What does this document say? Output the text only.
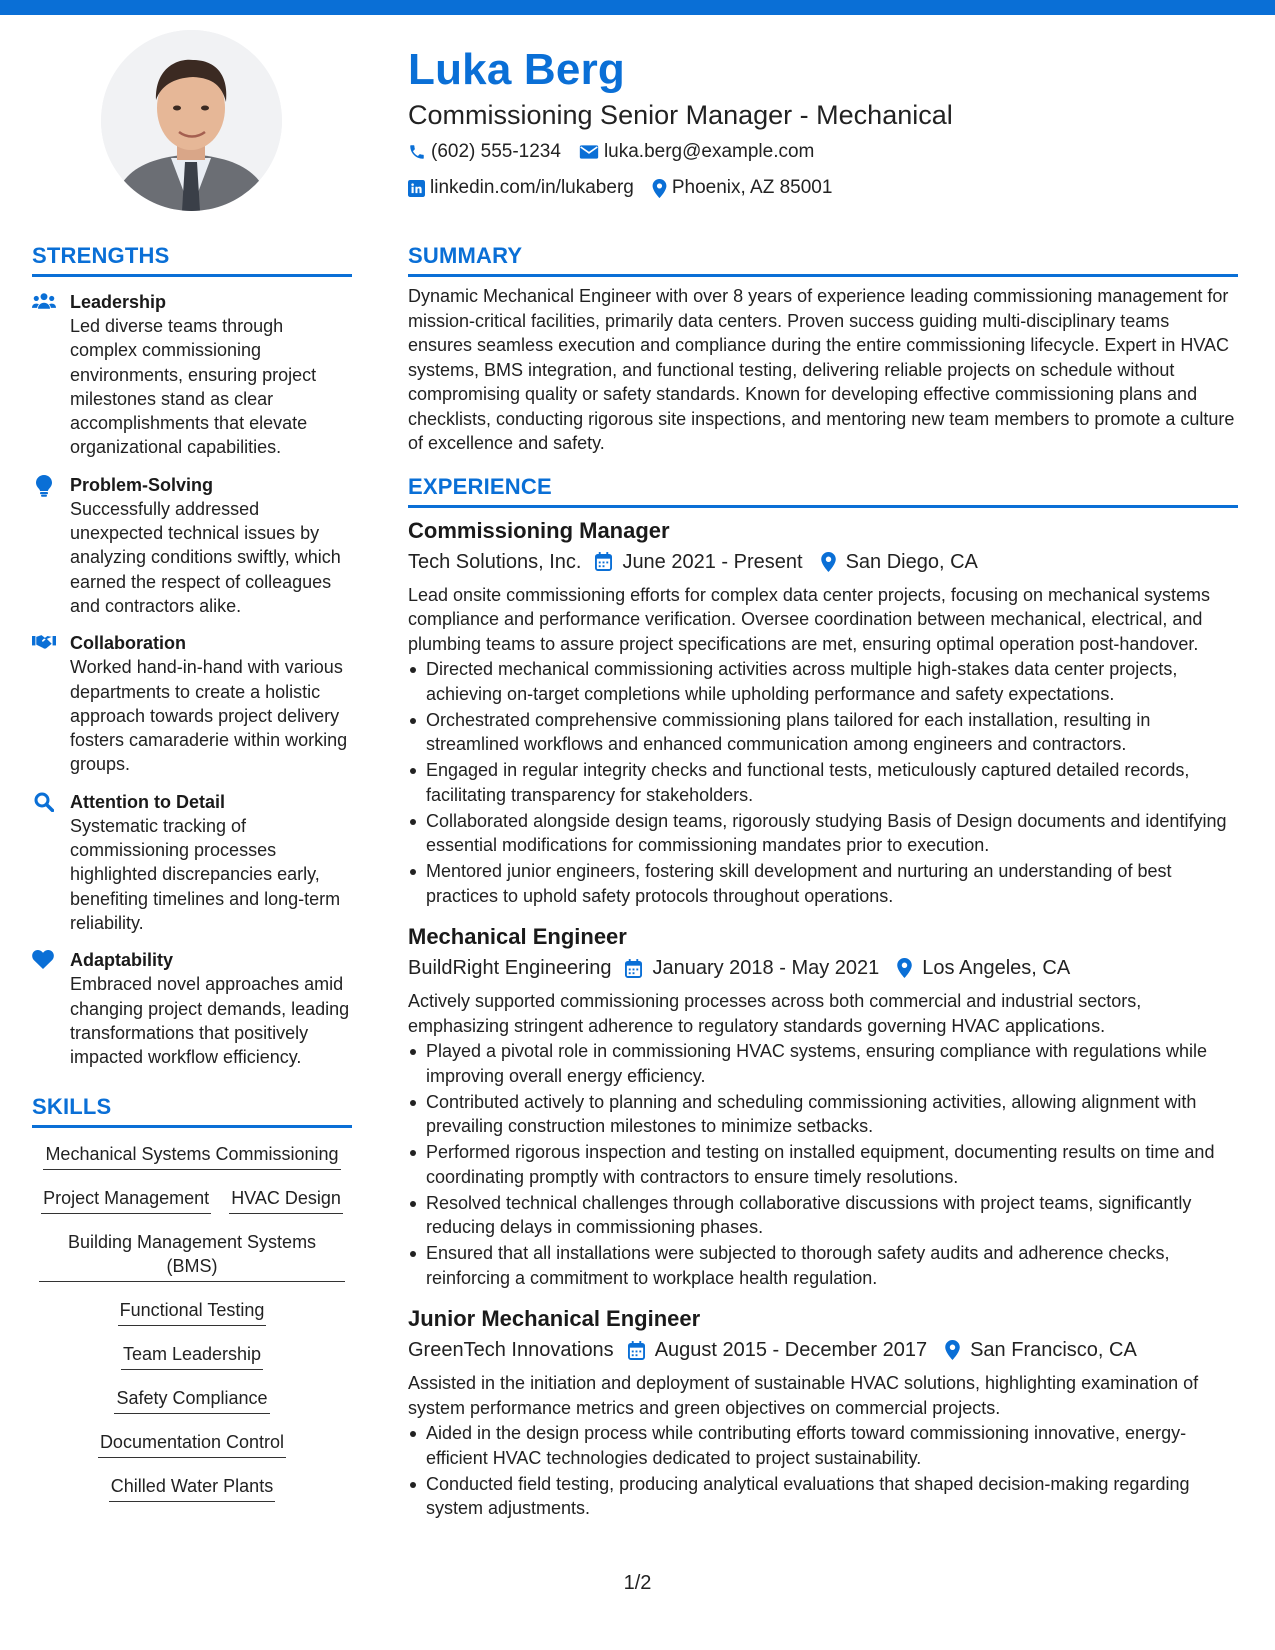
Luka Berg
Commissioning Senior Manager - Mechanical
(602) 555-1234 luka.berg@example.com
linkedin.com/in/lukaberg Phoenix, AZ 85001
STRENGTHS
Leadership
Led diverse teams through complex commissioning environments, ensuring project milestones stand as clear accomplishments that elevate organizational capabilities.
Problem-Solving
Successfully addressed unexpected technical issues by analyzing conditions swiftly, which earned the respect of colleagues and contractors alike.
Collaboration
Worked hand-in-hand with various departments to create a holistic approach towards project delivery fosters camaraderie within working groups.
Attention to Detail
Systematic tracking of commissioning processes highlighted discrepancies early, benefiting timelines and long-term reliability.
Adaptability
Embraced novel approaches amid changing project demands, leading transformations that positively impacted workflow efficiency.
SKILLS
Mechanical Systems Commissioning
Project Management HVAC Design
Building Management Systems (BMS)
Functional Testing
Team Leadership
Safety Compliance
Documentation Control
Chilled Water Plants
SUMMARY
Dynamic Mechanical Engineer with over 8 years of experience leading commissioning management for mission-critical facilities, primarily data centers. Proven success guiding multi-disciplinary teams ensures seamless execution and compliance during the entire commissioning lifecycle. Expert in HVAC systems, BMS integration, and functional testing, delivering reliable projects on schedule without compromising quality or safety standards. Known for developing effective commissioning plans and checklists, conducting rigorous site inspections, and mentoring new team members to promote a culture of excellence and safety.
EXPERIENCE
Commissioning Manager
Tech Solutions, Inc. June 2021 - Present San Diego, CA
Lead onsite commissioning efforts for complex data center projects, focusing on mechanical systems compliance and performance verification. Oversee coordination between mechanical, electrical, and plumbing teams to assure project specifications are met, ensuring optimal operation post-handover.
Directed mechanical commissioning activities across multiple high-stakes data center projects, achieving on-target completions while upholding performance and safety expectations.
Orchestrated comprehensive commissioning plans tailored for each installation, resulting in streamlined workflows and enhanced communication among engineers and contractors.
Engaged in regular integrity checks and functional tests, meticulously captured detailed records, facilitating transparency for stakeholders.
Collaborated alongside design teams, rigorously studying Basis of Design documents and identifying essential modifications for commissioning mandates prior to execution.
Mentored junior engineers, fostering skill development and nurturing an understanding of best practices to uphold safety protocols throughout operations.
Mechanical Engineer
BuildRight Engineering January 2018 - May 2021 Los Angeles, CA
Actively supported commissioning processes across both commercial and industrial sectors, emphasizing stringent adherence to regulatory standards governing HVAC applications.
Played a pivotal role in commissioning HVAC systems, ensuring compliance with regulations while improving overall energy efficiency.
Contributed actively to planning and scheduling commissioning activities, allowing alignment with prevailing construction milestones to minimize setbacks.
Performed rigorous inspection and testing on installed equipment, documenting results on time and coordinating promptly with contractors to ensure timely resolutions.
Resolved technical challenges through collaborative discussions with project teams, significantly reducing delays in commissioning phases.
Ensured that all installations were subjected to thorough safety audits and adherence checks, reinforcing a commitment to workplace health regulation.
Junior Mechanical Engineer
GreenTech Innovations August 2015 - December 2017 San Francisco, CA
Assisted in the initiation and deployment of sustainable HVAC solutions, highlighting examination of system performance metrics and green objectives on commercial projects.
Aided in the design process while contributing efforts toward commissioning innovative, energy-efficient HVAC technologies dedicated to project sustainability.
Conducted field testing, producing analytical evaluations that shaped decision-making regarding system adjustments.
1/2
